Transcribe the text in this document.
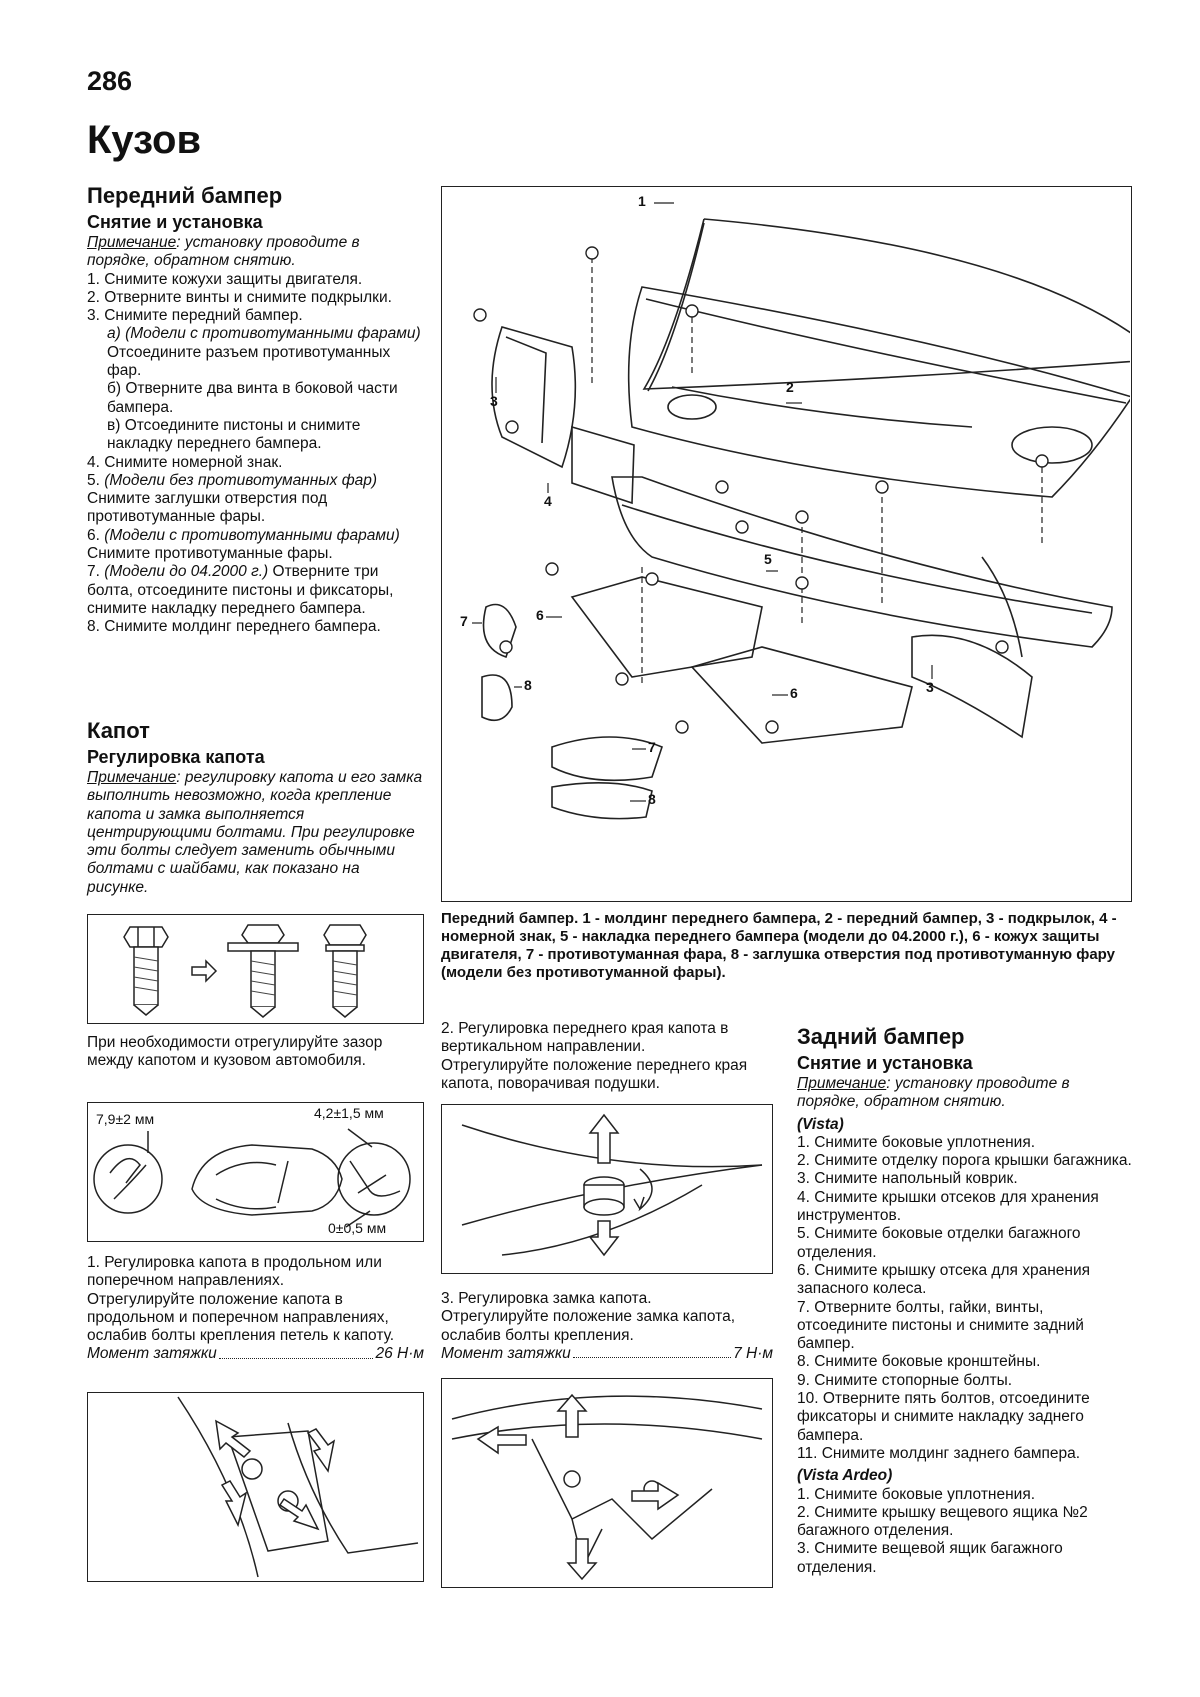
286
Кузов
Передний бампер
Снятие и установка
Примечание: установку проводите в порядке, обратном снятию.
1. Снимите кожухи защиты двигателя.
2. Отверните винты и снимите подкрылки.
3. Снимите передний бампер.
а) (Модели с противотуманными фарами) Отсоедините разъем противотуманных фар.
б) Отверните два винта в боковой части бампера.
в) Отсоедините пистоны и снимите накладку переднего бампера.
4. Снимите номерной знак.
5. (Модели без противотуманных фар) Снимите заглушки отверстия под противотуманные фары.
6. (Модели с противотуманными фарами) Снимите противотуманные фары.
7. (Модели до 04.2000 г.) Отверните три болта, отсоедините пистоны и фиксаторы, снимите накладку переднего бампера.
8. Снимите молдинг переднего бампера.
Капот
Регулировка капота
Примечание: регулировку капота и его замка выполнить невозможно, когда крепление капота и замка выполняется центрирующими болтами. При регулировке эти болты следует заменить обычными болтами с шайбами, как показано на рисунке.
При необходимости отрегулируйте зазор между капотом и кузовом автомобиля.
7,9±2 мм	4,2±1,5 мм
0±0,5 мм
1. Регулировка капота в продольном или поперечном направлениях.
Отрегулируйте положение капота в продольном и поперечном направлениях, ослабив болты крепления петель к капоту.
Момент затяжки	26 Н·м
1
2
3
3
4
5
6
6
7
7
8
8
Передний бампер. 1 - молдинг переднего бампера, 2 - передний бампер, 3 - подкрылок, 4 - номерной знак, 5 - накладка переднего бампера (модели до 04.2000 г.), 6 - кожух защиты двигателя, 7 - противотуманная фара, 8 - заглушка отверстия под противотуманную фару (модели без противотуманной фары).
2. Регулировка переднего края капота в вертикальном направлении.
Отрегулируйте положение переднего края капота, поворачивая подушки.
3. Регулировка замка капота.
Отрегулируйте положение замка капота, ослабив болты крепления.
Момент затяжки	7 Н·м
Задний бампер
Снятие и установка
Примечание: установку проводите в порядке, обратном снятию.
(Vista)
1. Снимите боковые уплотнения.
2. Снимите отделку порога крышки багажника.
3. Снимите напольный коврик.
4. Снимите крышки отсеков для хранения инструментов.
5. Снимите боковые отделки багажного отделения.
6. Снимите крышку отсека для хранения запасного колеса.
7. Отверните болты, гайки, винты, отсоедините пистоны и снимите задний бампер.
8. Снимите боковые кронштейны.
9. Снимите стопорные болты.
10. Отверните пять болтов, отсоедините фиксаторы и снимите накладку заднего бампера.
11. Снимите молдинг заднего бампера.
(Vista Ardeo)
1. Снимите боковые уплотнения.
2. Снимите крышку вещевого ящика №2 багажного отделения.
3. Снимите вещевой ящик багажного отделения.
